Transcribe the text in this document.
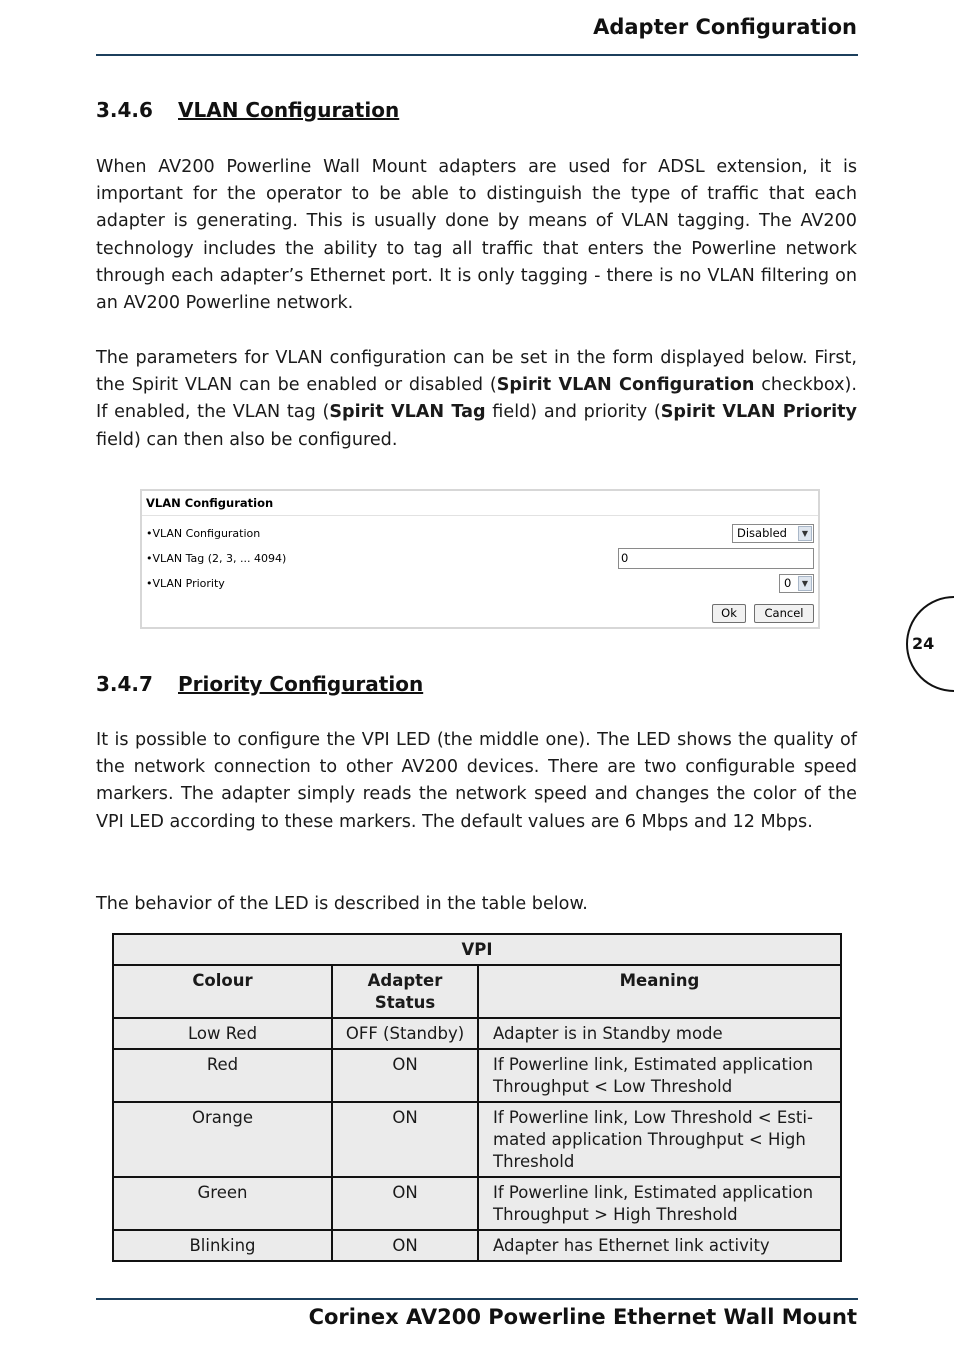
Adapter Configuration
3.4.6 VLAN Configuration

When AV200 Powerline Wall Mount adapters are used for ADSL extension, it is important for the operator to be able to distinguish the type of traffic that each adapter is generating. This is usually done by means of VLAN tagging. The AV200 technology includes the ability to tag all traffic that enters the Powerline network through each adapter’s Ethernet port. It is only tagging - there is no VLAN filtering on an AV200 Powerline network.

The parameters for VLAN configuration can be set in the form displayed below. First, the Spirit VLAN can be enabled or disabled (Spirit VLAN Configuration checkbox). If enabled, the VLAN tag (Spirit VLAN Tag field) and priority (Spirit VLAN Priority field) can then also be configured.

VLAN Configuration
•VLAN Configuration	Disabled	▼
•VLAN Tag (2, 3, ... 4094)	0
•VLAN Priority	0	▼
Ok	Cancel
24
3.4.7 Priority Configuration

It is possible to configure the VPI LED (the middle one). The LED shows the quality of the network connection to other AV200 devices. There are two configurable speed markers. The adapter simply reads the network speed and changes the color of the VPI LED according to these markers. The default values are 6 Mbps and 12 Mbps.

The behavior of the LED is described in the table below.

VPI		
Colour	Adapter Status	Meaning
Low Red	OFF (Standby)	Adapter is in Standby mode
Red	ON	If Powerline link, Estimated application Throughput < Low Threshold
Orange	ON	If Powerline link, Low Threshold < Esti-mated application Throughput < High Threshold
Green	ON	If Powerline link, Estimated application Throughput > High Threshold
Blinking	ON	Adapter has Ethernet link activity
Corinex AV200 Powerline Ethernet Wall Mount
